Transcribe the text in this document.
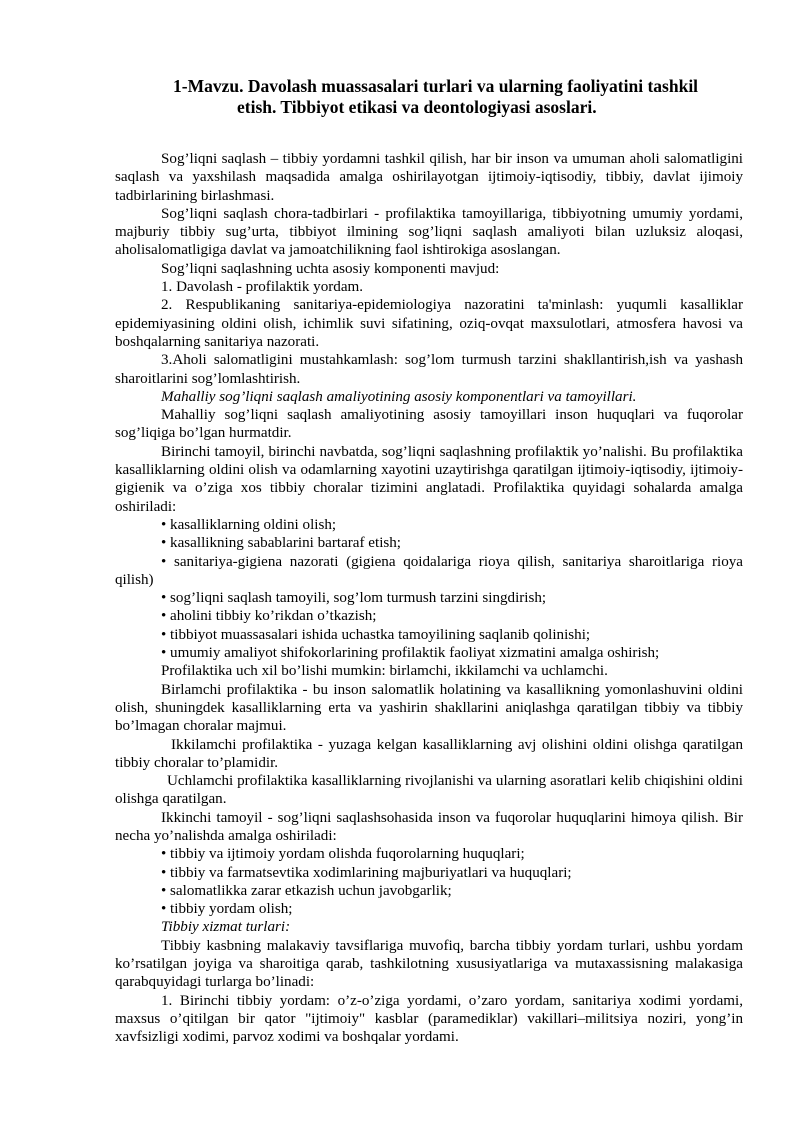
1-Mavzu. Davolash muassasalari turlari va ularning faoliyatini tashkil
etish. Tibbiyot etikasi va deontologiyasi asoslari.

Sog’liqni saqlash – tibbiy yordamni tashkil qilish, har bir inson va umuman aholi salomatligini saqlash va yaxshilash maqsadida amalga oshirilayotgan ijtimoiy-iqtisodiy, tibbiy, davlat ijimoiy tadbirlarining birlashmasi.

Sog’liqni saqlash chora-tadbirlari - profilaktika tamoyillariga, tibbiyotning umumiy yordami, majburiy tibbiy sug’urta, tibbiyot ilmining sog’liqni saqlash amaliyoti bilan uzluksiz aloqasi, aholisalomatligiga davlat va jamoatchilikning faol ishtirokiga asoslangan.

Sog’liqni saqlashning uchta asosiy komponenti mavjud:

1. Davolash - profilaktik yordam.

2. Respublikaning sanitariya-epidemiologiya nazoratini ta'minlash: yuqumli kasalliklar epidemiyasining oldini olish, ichimlik suvi sifatining, oziq-ovqat maxsulotlari, atmosfera havosi va boshqalarning sanitariya nazorati.

3.Aholi salomatligini mustahkamlash: sog’lom turmush tarzini shakllantirish,ish va yashash sharoitlarini sog’lomlashtirish.

Mahalliy sog’liqni saqlash amaliyotining asosiy komponentlari va tamoyillari.

Mahalliy sog’liqni saqlash amaliyotining asosiy tamoyillari inson huquqlari va fuqorolar sog’liqiga bo’lgan hurmatdir.

Birinchi tamoyil, birinchi navbatda, sog’liqni saqlashning profilaktik yo’nalishi. Bu profilaktika kasalliklarning oldini olish va odamlarning xayotini uzaytirishga qaratilgan ijtimoiy-iqtisodiy, ijtimoiy-gigienik va o’ziga xos tibbiy choralar tizimini anglatadi. Profilaktika quyidagi sohalarda amalga oshiriladi:

• kasalliklarning oldini olish;

• kasallikning sabablarini bartaraf etish;

• sanitariya-gigiena nazorati (gigiena qoidalariga rioya qilish, sanitariya sharoitlariga rioya qilish)

• sog’liqni saqlash tamoyili, sog’lom turmush tarzini singdirish;

• aholini tibbiy ko’rikdan o’tkazish;

• tibbiyot muassasalari ishida uchastka tamoyilining saqlanib qolinishi;

• umumiy amaliyot shifokorlarining profilaktik faoliyat xizmatini amalga oshirish;

Profilaktika uch xil bo’lishi mumkin: birlamchi, ikkilamchi va uchlamchi.

Birlamchi profilaktika - bu inson salomatlik holatining va kasallikning yomonlashuvini oldini olish, shuningdek kasalliklarning erta va yashirin shakllarini aniqlashga qaratilgan tibbiy va tibbiy bo’lmagan choralar majmui.

Ikkilamchi profilaktika - yuzaga kelgan kasalliklarning avj olishini oldini olishga qaratilgan tibbiy choralar to’plamidir.

Uchlamchi profilaktika kasalliklarning rivojlanishi va ularning asoratlari kelib chiqishini oldini olishga qaratilgan.

Ikkinchi tamoyil - sog’liqni saqlashsohasida inson va fuqorolar huquqlarini himoya qilish. Bir necha yo’nalishda amalga oshiriladi:

• tibbiy va ijtimoiy yordam olishda fuqorolarning huquqlari;

• tibbiy va farmatsevtika xodimlarining majburiyatlari va huquqlari;

• salomatlikka zarar etkazish uchun javobgarlik;

• tibbiy yordam olish;

Tibbiy xizmat turlari:

Tibbiy kasbning malakaviy tavsiflariga muvofiq, barcha tibbiy yordam turlari, ushbu yordam ko’rsatilgan joyiga va sharoitiga qarab, tashkilotning xususiyatlariga va mutaxassisning malakasiga qarabquyidagi turlarga bo’linadi:

1. Birinchi tibbiy yordam: o’z-o’ziga yordami, o’zaro yordam, sanitariya xodimi yordami, maxsus o’qitilgan bir qator "ijtimoiy" kasblar (paramediklar) vakillari–militsiya noziri, yong’in xavfsizligi xodimi, parvoz xodimi va boshqalar yordami.
